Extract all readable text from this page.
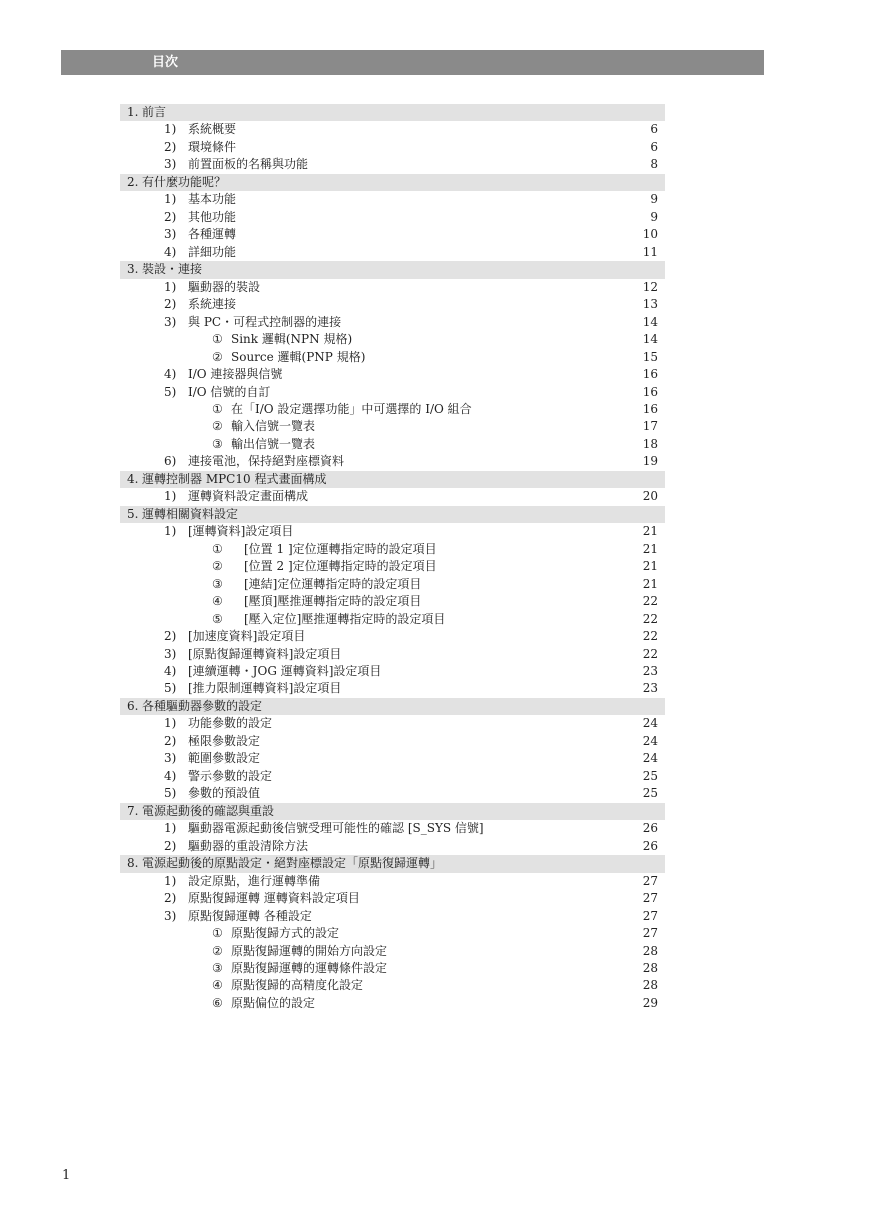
目次
1. 前言
1) 系統概要	6
2) 環境條件	6
3) 前置面板的名稱與功能	8
2. 有什麼功能呢？
1) 基本功能	9
2) 其他功能	9
3) 各種運轉	10
4) 詳細功能	11
3. 裝設・連接
1) 驅動器的裝設	12
2) 系統連接	13
3) 與 PC・可程式控制器的連接	14
① Sink 邏輯(NPN 規格)	14
② Source 邏輯(PNP 規格)	15
4) I/O 連接器與信號	16
5) I/O 信號的自訂	16
① 在「I/O 設定選擇功能」中可選擇的 I/O 組合	16
② 輸入信號一覽表	17
③ 輸出信號一覽表	18
6) 連接電池，保持絕對座標資料	19
4. 運轉控制器 MPC10 程式畫面構成
1) 運轉資料設定畫面構成	20
5. 運轉相關資料設定
1) [運轉資料]設定項目	21
① [位置 1 ]定位運轉指定時的設定項目	21
② [位置 2 ]定位運轉指定時的設定項目	21
③ [連結]定位運轉指定時的設定項目	21
④ [壓頂]壓推運轉指定時的設定項目	22
⑤ [壓入定位]壓推運轉指定時的設定項目	22
2) [加速度資料]設定項目	22
3) [原點復歸運轉資料]設定項目	22
4) [連續運轉・JOG 運轉資料]設定項目	23
5) [推力限制運轉資料]設定項目	23
6. 各種驅動器參數的設定
1) 功能參數的設定	24
2) 極限參數設定	24
3) 範圍參數設定	24
4) 警示參數的設定	25
5) 參數的預設值	25
7. 電源起動後的確認與重設
1) 驅動器電源起動後信號受理可能性的確認 [S_SYS 信號]	26
2) 驅動器的重設清除方法	26
8. 電源起動後的原點設定・絕對座標設定「原點復歸運轉」
1) 設定原點，進行運轉準備	27
2) 原點復歸運轉 運轉資料設定項目	27
3) 原點復歸運轉 各種設定	27
① 原點復歸方式的設定	27
② 原點復歸運轉的開始方向設定	28
③ 原點復歸運轉的運轉條件設定	28
④ 原點復歸的高精度化設定	28
⑥ 原點偏位的設定	29
1
